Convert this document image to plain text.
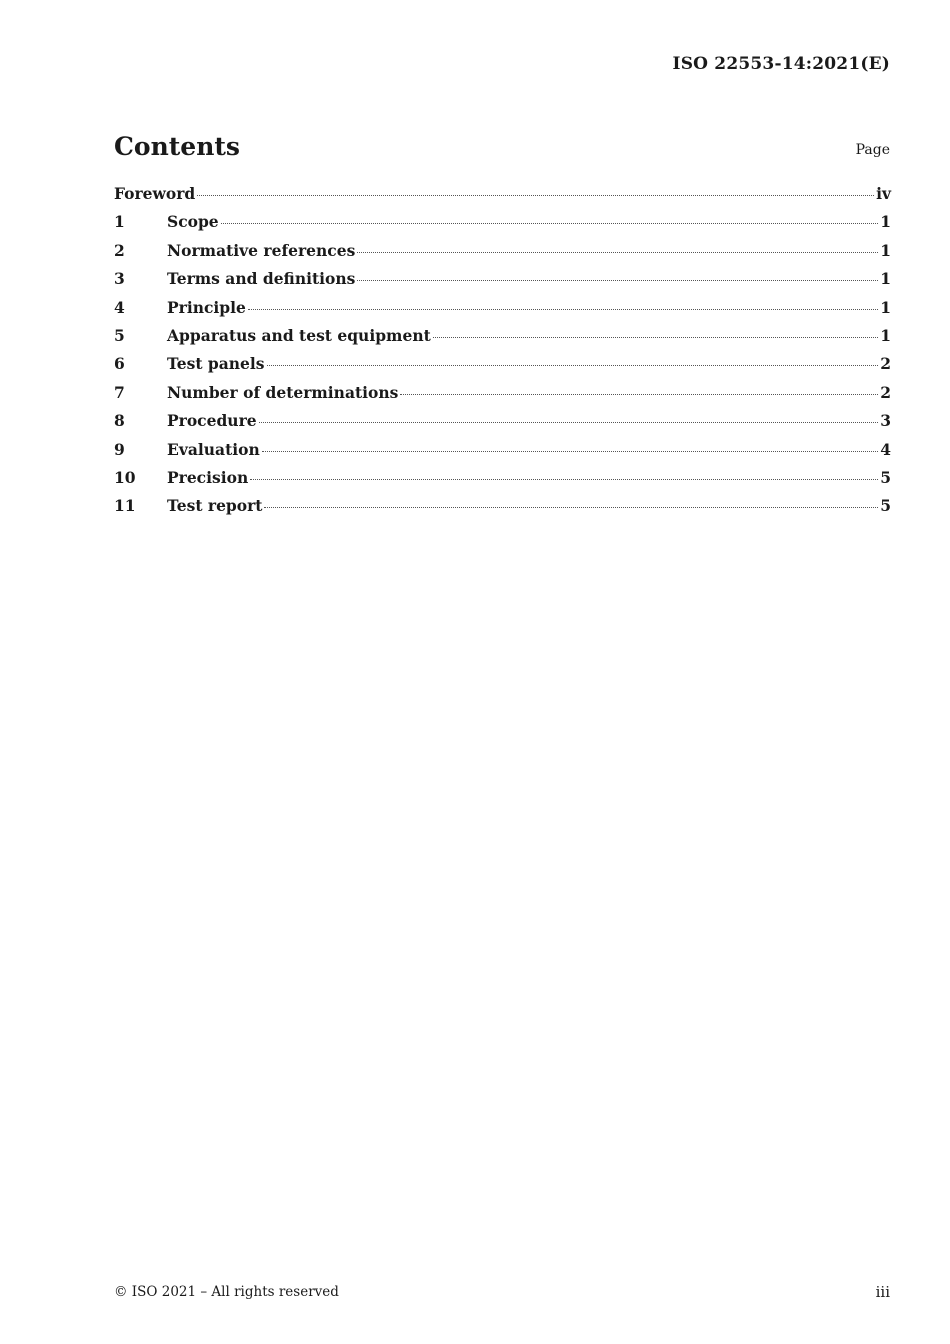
ISO 22553-14:2021(E)
Contents	Page
Foreword	iv
1	Scope	1
2	Normative references	1
3	Terms and definitions	1
4	Principle	1
5	Apparatus and test equipment	1
6	Test panels	2
7	Number of determinations	2
8	Procedure	3
9	Evaluation	4
10	Precision	5
11	Test report	5
© ISO 2021 – All rights reserved	iii
